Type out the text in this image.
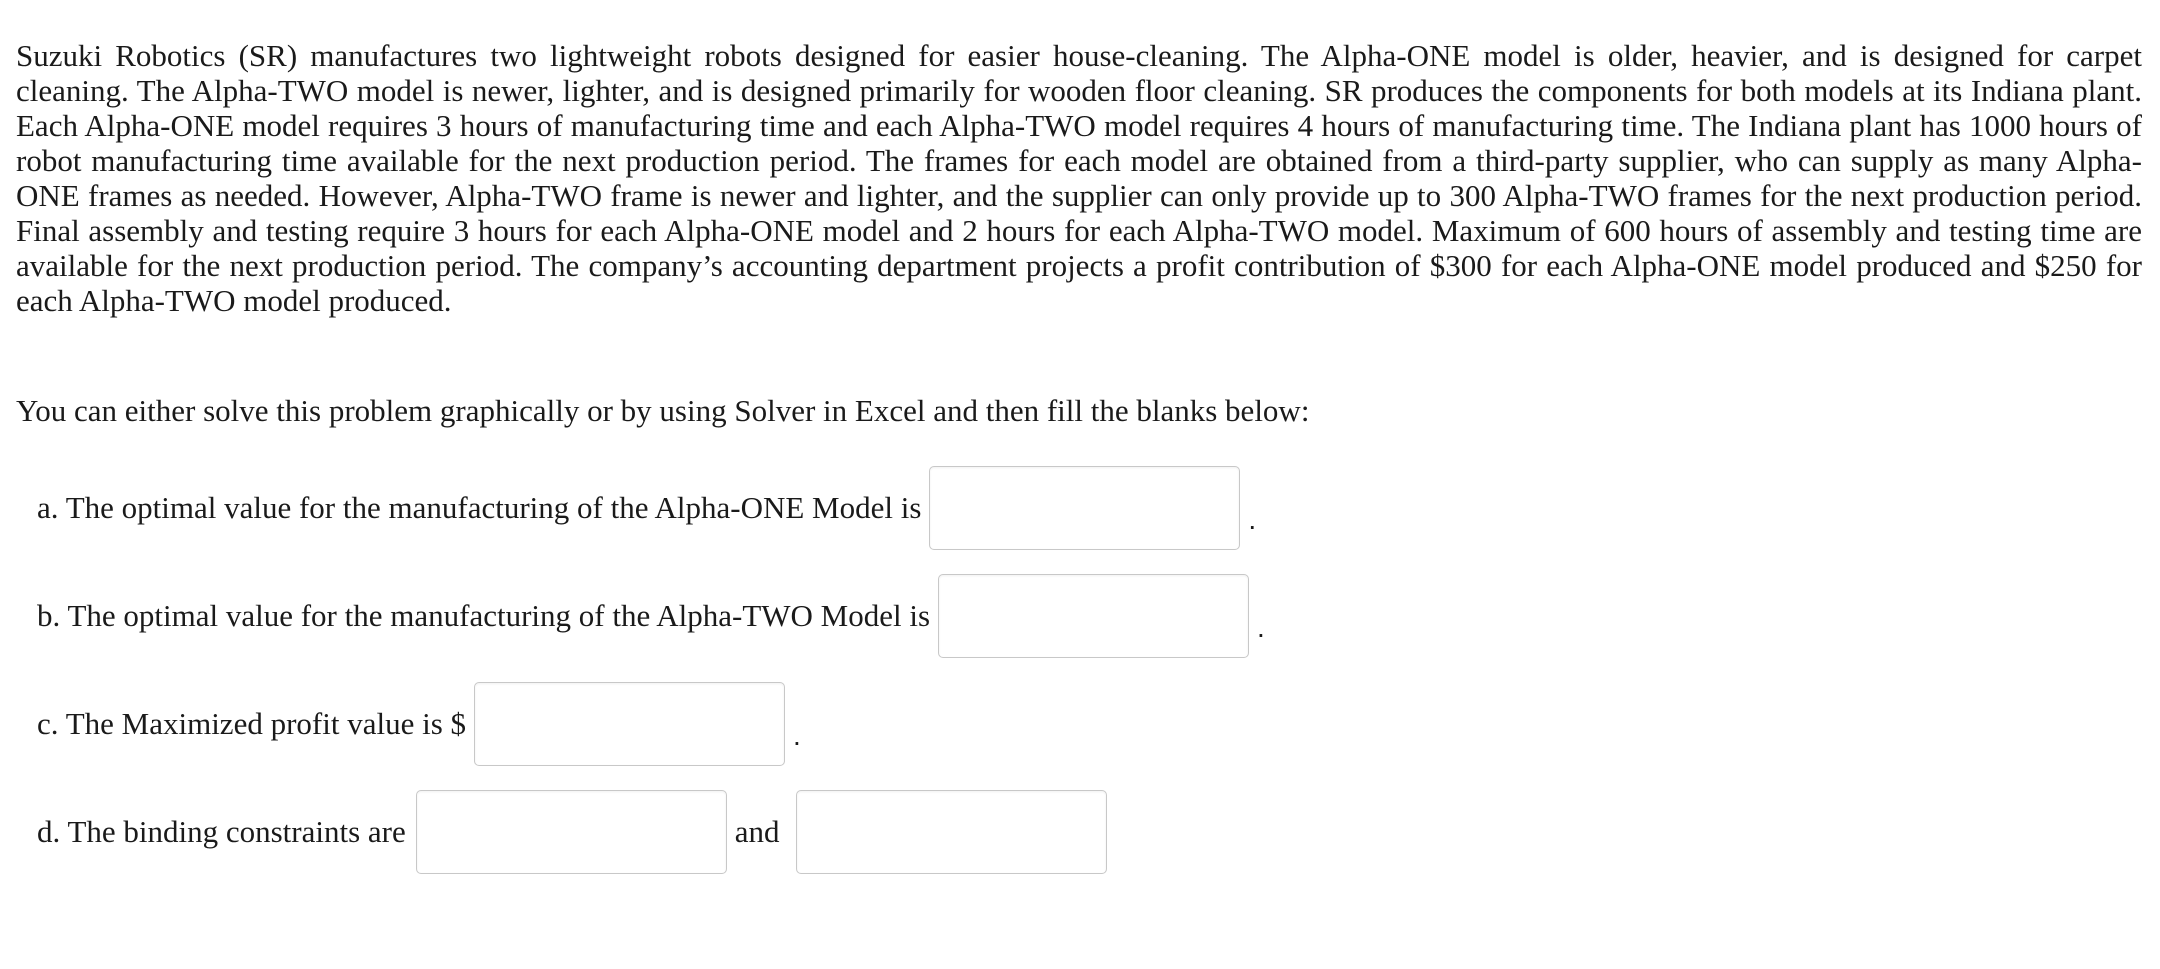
Suzuki Robotics (SR) manufactures two lightweight robots designed for easier house-cleaning. The Alpha-ONE model is older, heavier, and is designed for carpet cleaning. The Alpha-TWO model is newer, lighter, and is designed primarily for wooden floor cleaning. SR produces the components for both models at its Indiana plant. Each Alpha-ONE model requires 3 hours of manufacturing time and each Alpha-TWO model requires 4 hours of manufacturing time. The Indiana plant has 1000 hours of robot manufacturing time available for the next production period. The frames for each model are obtained from a third-party supplier, who can supply as many Alpha-ONE frames as needed. However, Alpha-TWO frame is newer and lighter, and the supplier can only provide up to 300 Alpha-TWO frames for the next production period. Final assembly and testing require 3 hours for each Alpha-ONE model and 2 hours for each Alpha-TWO model. Maximum of 600 hours of assembly and testing time are available for the next production period. The company’s accounting department projects a profit contribution of $300 for each Alpha-ONE model produced and $250 for each Alpha-TWO model produced.

You can either solve this problem graphically or by using Solver in Excel and then fill the blanks below:

a. The optimal value for the manufacturing of the Alpha-ONE Model is	.
b. The optimal value for the manufacturing of the Alpha-TWO Model is	.
c. The Maximized profit value is $	.
d. The binding constraints are	and
